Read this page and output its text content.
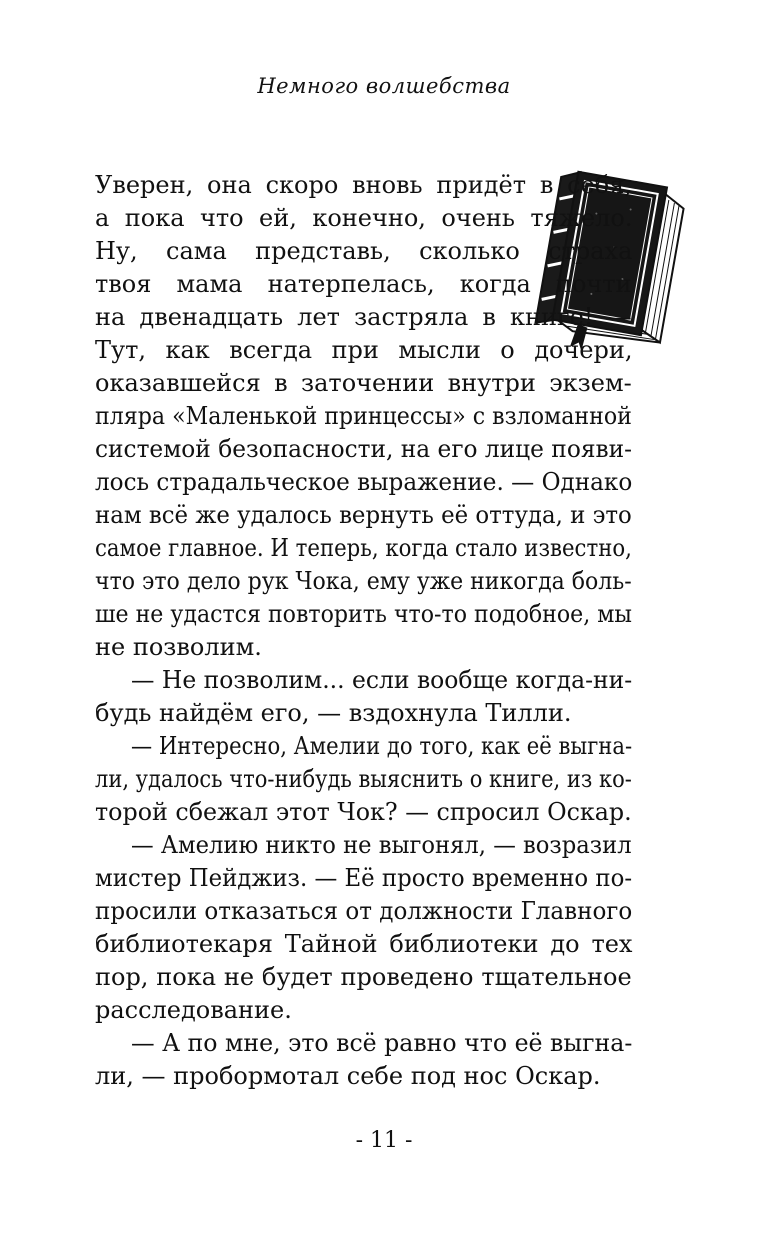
Немного волшебства
Уверен, она скоро вновь придёт в себя,
а пока что ей, конечно, очень тяжело.
Ну, сама представь, сколько страха
твоя мама натерпелась, когда почти
на двенадцать лет застряла в книге! —
Тут, как всегда при мысли о дочери,
оказавшейся в заточении внутри экзем-
пляра «Маленькой принцессы» с взломанной
системой безопасности, на его лице появи-
лось страдальческое выражение. — Однако
нам всё же удалось вернуть её оттуда, и это
самое главное. И теперь, когда стало известно,
что это дело рук Чока, ему уже никогда боль-
ше не удастся повторить что-то подобное, мы
не позволим.
— Не позволим... если вообще когда-ни-
будь найдём его, — вздохнула Тилли.
— Интересно, Амелии до того, как её выгна-
ли, удалось что-нибудь выяснить о книге, из ко-
торой сбежал этот Чок? — спросил Оскар.
— Амелию никто не выгонял, — возразил
мистер Пейджиз. — Её просто временно по-
просили отказаться от должности Главного
библиотекаря Тайной библиотеки до тех
пор, пока не будет проведено тщательное
расследование.
— А по мне, это всё равно что её выгна-
ли, — пробормотал себе под нос Оскар.
- 11 -
